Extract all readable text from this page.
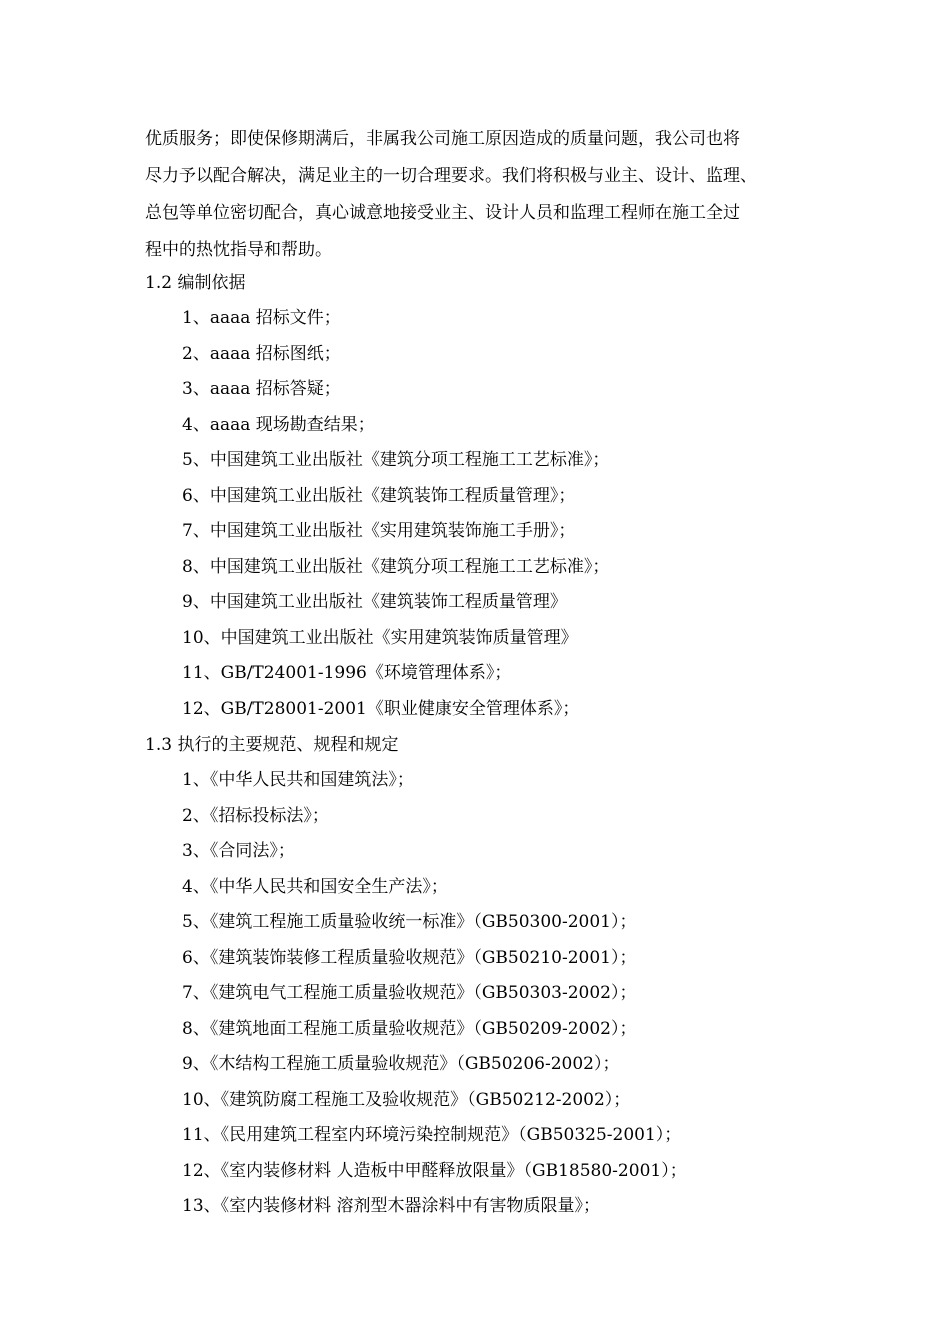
优质服务；即使保修期满后，非属我公司施工原因造成的质量问题，我公司也将
尽力予以配合解决，满足业主的一切合理要求。我们将积极与业主、设计、监理、
总包等单位密切配合，真心诚意地接受业主、设计人员和监理工程师在施工全过
程中的热忱指导和帮助。
1.2 编制依据
1、aaaa 招标文件；
2、aaaa 招标图纸；
3、aaaa 招标答疑；
4、aaaa 现场勘查结果；
5、中国建筑工业出版社《建筑分项工程施工工艺标准》；
6、中国建筑工业出版社《建筑装饰工程质量管理》；
7、中国建筑工业出版社《实用建筑装饰施工手册》；
8、中国建筑工业出版社《建筑分项工程施工工艺标准》；
9、中国建筑工业出版社《建筑装饰工程质量管理》
10、中国建筑工业出版社《实用建筑装饰质量管理》
11、GB/T24001-1996《环境管理体系》；
12、GB/T28001-2001《职业健康安全管理体系》；
1.3 执行的主要规范、规程和规定
1、《中华人民共和国建筑法》；
2、《招标投标法》；
3、《合同法》；
4、《中华人民共和国安全生产法》；
5、《建筑工程施工质量验收统一标准》（GB50300-2001）；
6、《建筑装饰装修工程质量验收规范》（GB50210-2001）；
7、《建筑电气工程施工质量验收规范》（GB50303-2002）；
8、《建筑地面工程施工质量验收规范》（GB50209-2002）；
9、《木结构工程施工质量验收规范》（GB50206-2002）；
10、《建筑防腐工程施工及验收规范》（GB50212-2002）；
11、《民用建筑工程室内环境污染控制规范》（GB50325-2001）；
12、《室内装修材料 人造板中甲醛释放限量》（GB18580-2001）；
13、《室内装修材料 溶剂型木器涂料中有害物质限量》；
